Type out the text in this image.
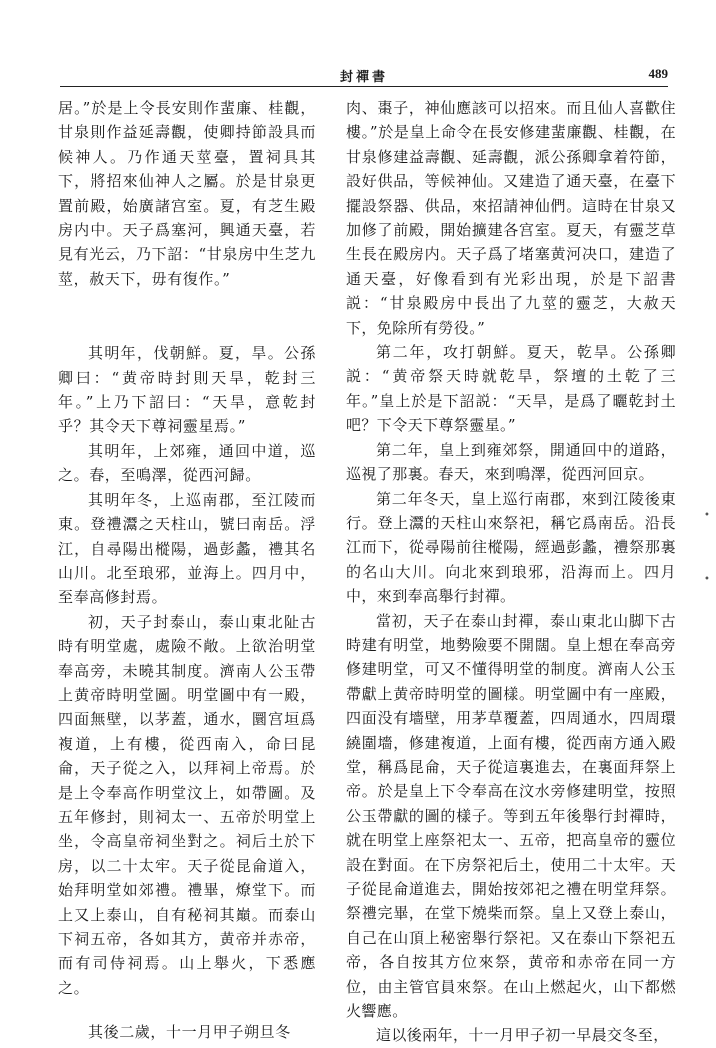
封禪書	489

居。”於是上令長安則作蜚廉、桂觀，甘泉則作益延壽觀，使卿持節設具而候神人。乃作通天莖臺，置祠具其下，將招來仙神人之屬。於是甘泉更置前殿，始廣諸宫室。夏，有芝生殿房内中。天子爲塞河，興通天臺，若見有光云，乃下詔：“甘泉房中生芝九莖，赦天下，毋有復作。”

其明年，伐朝鮮。夏，旱。公孫卿曰：“黄帝時封則天旱，乾封三年。”上乃下詔曰：“天旱，意乾封乎？其令天下尊祠靈星焉。”

其明年，上郊雍，通回中道，巡之。春，至鳴澤，從西河歸。

其明年冬，上巡南郡，至江陵而東。登禮灊之天柱山，號曰南岳。浮江，自尋陽出樅陽，過彭蠡，禮其名山川。北至琅邪，並海上。四月中，至奉高修封焉。

初，天子封泰山，泰山東北阯古時有明堂處，處險不敞。上欲治明堂奉高旁，未曉其制度。濟南人公玉帶上黄帝時明堂圖。明堂圖中有一殿，四面無壁，以茅蓋，通水，圜宫垣爲複道，上有樓，從西南入，命曰昆侖，天子從之入，以拜祠上帝焉。於是上令奉高作明堂汶上，如帶圖。及五年修封，則祠太一、五帝於明堂上坐，令高皇帝祠坐對之。祠后土於下房，以二十太牢。天子從昆侖道入，始拜明堂如郊禮。禮畢，燎堂下。而上又上泰山，自有秘祠其巔。而泰山下祠五帝，各如其方，黄帝并赤帝，而有司侍祠焉。山上舉火，下悉應之。

其後二歲，十一月甲子朔旦冬

肉、棗子，神仙應該可以招來。而且仙人喜歡住樓。”於是皇上命令在長安修建蜚廉觀、桂觀，在甘泉修建益壽觀、延壽觀，派公孫卿拿着符節，設好供品，等候神仙。又建造了通天臺，在臺下擺設祭器、供品，來招請神仙們。這時在甘泉又加修了前殿，開始擴建各宫室。夏天，有靈芝草生長在殿房内。天子爲了堵塞黄河决口，建造了通天臺，好像看到有光彩出現，於是下詔書説：“甘泉殿房中長出了九莖的靈芝，大赦天下，免除所有勞役。”

第二年，攻打朝鮮。夏天，乾旱。公孫卿説：“黄帝祭天時就乾旱，祭壇的土乾了三年。”皇上於是下詔説：“天旱，是爲了曬乾封土吧？下令天下尊祭靈星。”

第二年，皇上到雍郊祭，開通回中的道路，巡視了那裏。春天，來到鳴澤，從西河回京。

第二年冬天，皇上巡行南郡，來到江陵後東行。登上灊的天柱山來祭祀，稱它爲南岳。沿長江而下，從尋陽前往樅陽，經過彭蠡，禮祭那裏的名山大川。向北來到琅邪，沿海而上。四月中，來到奉高舉行封禪。

當初，天子在泰山封禪，泰山東北山脚下古時建有明堂，地勢險要不開闊。皇上想在奉高旁修建明堂，可又不懂得明堂的制度。濟南人公玉帶獻上黄帝時明堂的圖樣。明堂圖中有一座殿，四面没有墻壁，用茅草覆蓋，四周通水，四周環繞圍墻，修建複道，上面有樓，從西南方通入殿堂，稱爲昆侖，天子從這裏進去，在裏面拜祭上帝。於是皇上下令奉高在汶水旁修建明堂，按照公玉帶獻的圖的樣子。等到五年後舉行封禪時，就在明堂上座祭祀太一、五帝，把高皇帝的靈位設在對面。在下房祭祀后土，使用二十太牢。天子從昆侖道進去，開始按郊祀之禮在明堂拜祭。祭禮完畢，在堂下燒柴而祭。皇上又登上泰山，自己在山頂上秘密舉行祭祀。又在泰山下祭祀五帝，各自按其方位來祭，黄帝和赤帝在同一方位，由主管官員來祭。在山上燃起火，山下都燃火響應。

這以後兩年，十一月甲子初一早晨交冬至，

•
•
